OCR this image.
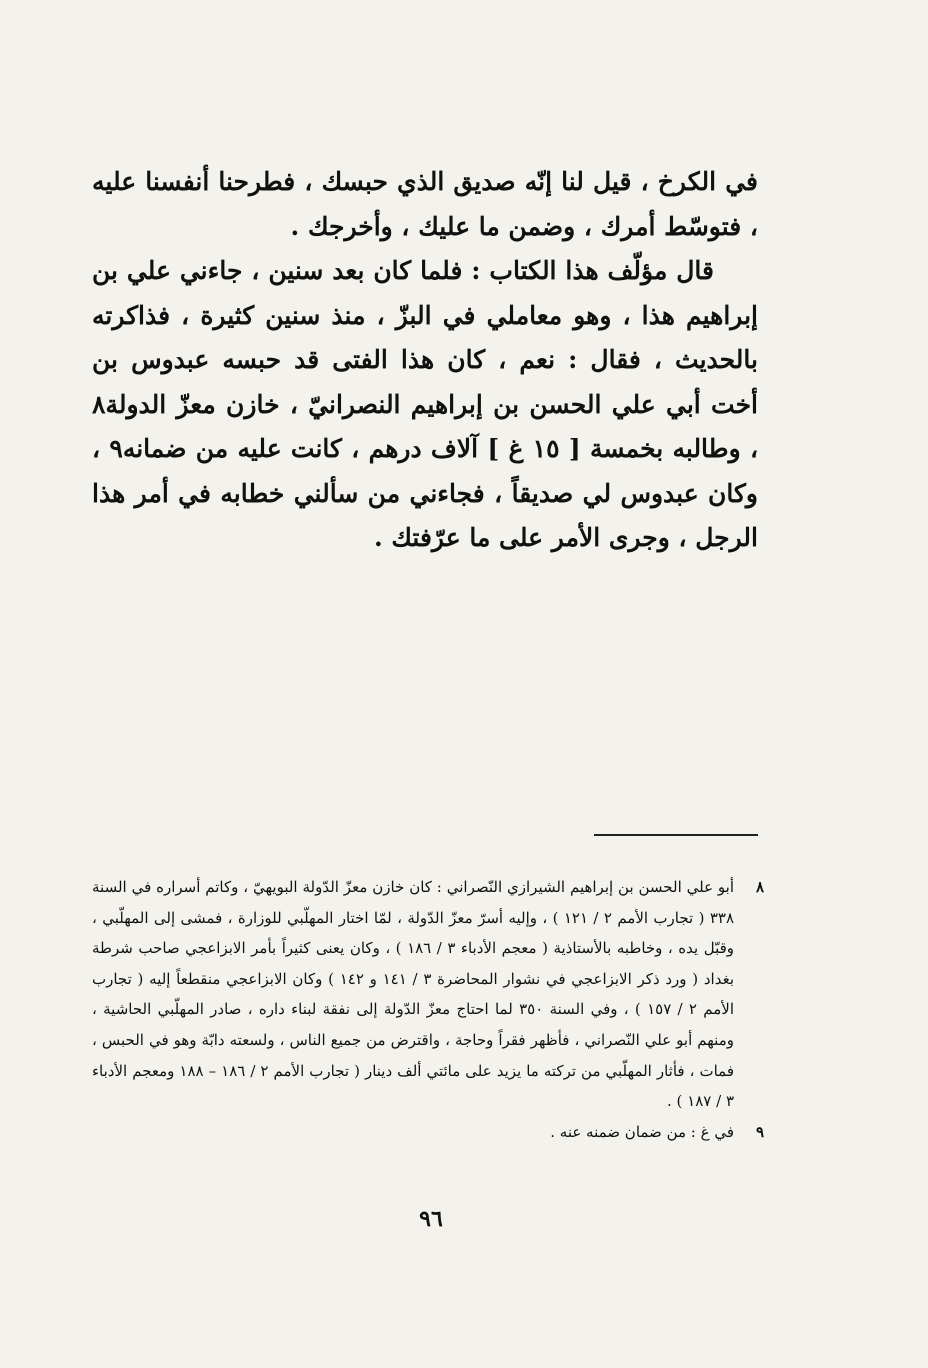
في الكرخ ، قيل لنا إنّه صديق الذي حبسك ، فطرحنا أنفسنا عليه ، فتوسّط أمرك ، وضمن ما عليك ، وأخرجك .

قال مؤلّف هذا الكتاب : فلما كان بعد سنين ، جاءني علي بن إبراهيم هذا ، وهو معاملي في البزّ ، منذ سنين كثيرة ، فذاكرته بالحديث ، فقال : نعم ، كان هذا الفتى قد حبسه عبدوس بن أخت أبي علي الحسن بن إبراهيم النصرانيّ ، خازن معزّ الدولة٨ ، وطالبه بخمسة [ ١٥ غ ] آلاف درهم ، كانت عليه من ضمانه٩ ، وكان عبدوس لي صديقاً ، فجاءني من سألني خطابه في أمر هذا الرجل ، وجرى الأمر على ما عرّفتك .

٨
أبو علي الحسن بن إبراهيم الشيرازي النّصراني : كان خازن معزّ الدّولة البويهيّ ، وكاتم أسراره في السنة ٣٣٨ ( تجارب الأمم ٢ / ١٢١ ) ، وإليه أسرّ معزّ الدّولة ، لمّا اختار المهلّبي للوزارة ، فمشى إلى المهلّبي ، وقبّل يده ، وخاطبه بالأستاذية ( معجم الأدباء ٣ / ١٨٦ ) ، وكان يعنى كثيراً بأمر الابزاعجي صاحب شرطة بغداد ( ورد ذكر الابزاعجي في نشوار المحاضرة ٣ / ١٤١ و ١٤٢ ) وكان الابزاعجي منقطعاً إليه ( تجارب الأمم ٢ / ١٥٧ ) ، وفي السنة ٣٥٠ لما احتاج معزّ الدّولة إلى نفقة لبناء داره ، صادر المهلّبي الحاشية ، ومنهم أبو علي النّصراني ، فأظهر فقراً وحاجة ، واقترض من جميع الناس ، ولسعته دابّة وهو في الحبس ، فمات ، فأثار المهلّبي من تركته ما يزيد على مائتي ألف دينار ( تجارب الأمم ٢ / ١٨٦ – ١٨٨ ومعجم الأدباء ٣ / ١٨٧ ) .
٩
في غ : من ضمان ضمنه عنه .
٩٦
